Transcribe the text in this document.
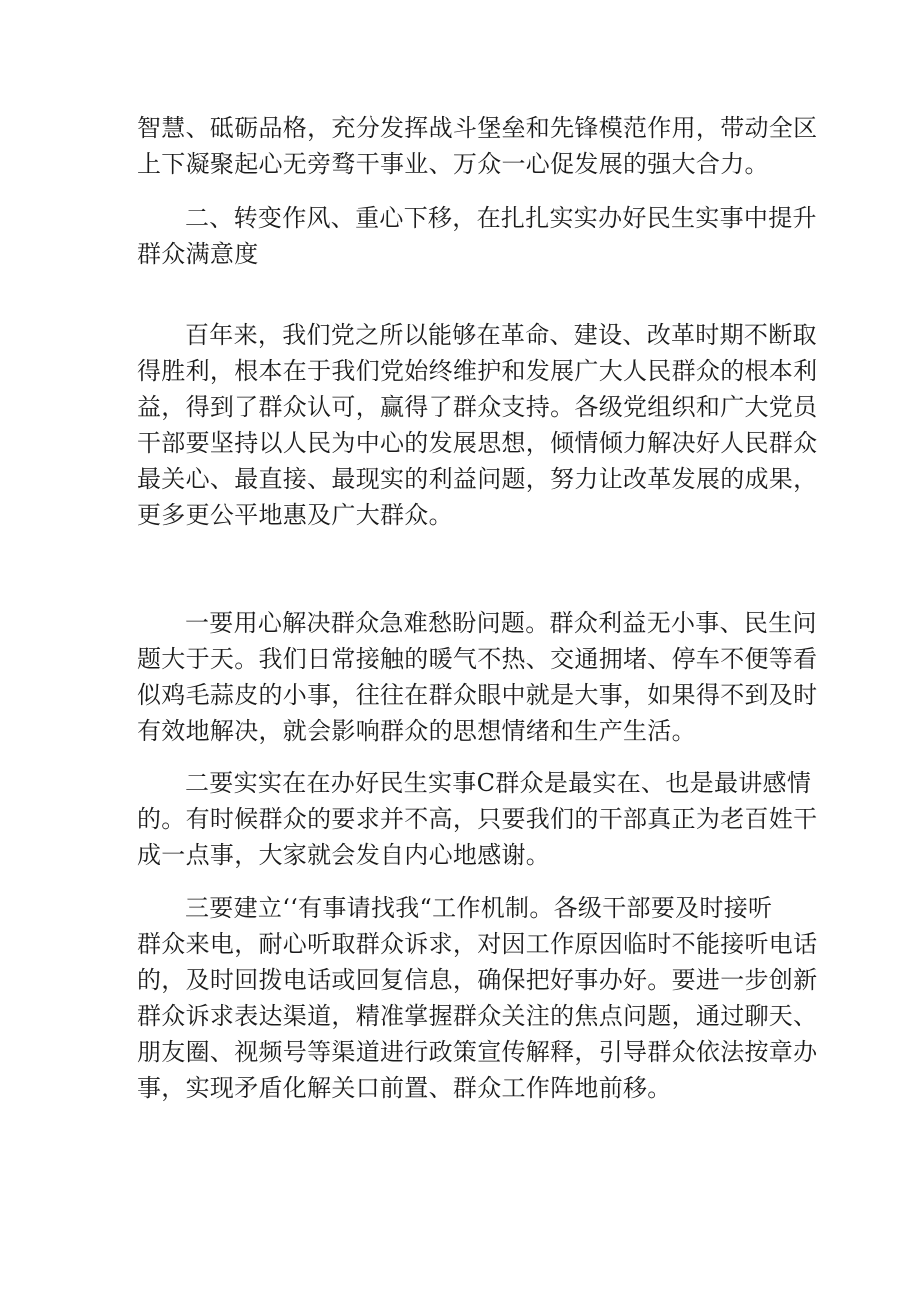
智慧、砥砺品格，充分发挥战斗堡垒和先锋模范作用，带动全区
上下凝聚起心无旁骛干事业、万众一心促发展的强大合力。
二、转变作风、重心下移，在扎扎实实办好民生实事中提升
群众满意度
百年来，我们党之所以能够在革命、建设、改革时期不断取
得胜利，根本在于我们党始终维护和发展广大人民群众的根本利
益，得到了群众认可，赢得了群众支持。各级党组织和广大党员
干部要坚持以人民为中心的发展思想，倾情倾力解决好人民群众
最关心、最直接、最现实的利益问题，努力让改革发展的成果，
更多更公平地惠及广大群众。
一要用心解决群众急难愁盼问题。群众利益无小事、民生问
题大于天。我们日常接触的暖气不热、交通拥堵、停车不便等看
似鸡毛蒜皮的小事，往往在群众眼中就是大事，如果得不到及时
有效地解决，就会影响群众的思想情绪和生产生活。
二要实实在在办好民生实事C群众是最实在、也是最讲感情
的。有时候群众的要求并不高，只要我们的干部真正为老百姓干
成一点事，大家就会发自内心地感谢。
三要建立‘‘有事请找我“工作机制。各级干部要及时接听
群众来电，耐心听取群众诉求，对因工作原因临时不能接听电话
的，及时回拨电话或回复信息，确保把好事办好。要进一步创新
群众诉求表达渠道，精准掌握群众关注的焦点问题，通过聊天、
朋友圈、视频号等渠道进行政策宣传解释，引导群众依法按章办
事，实现矛盾化解关口前置、群众工作阵地前移。
